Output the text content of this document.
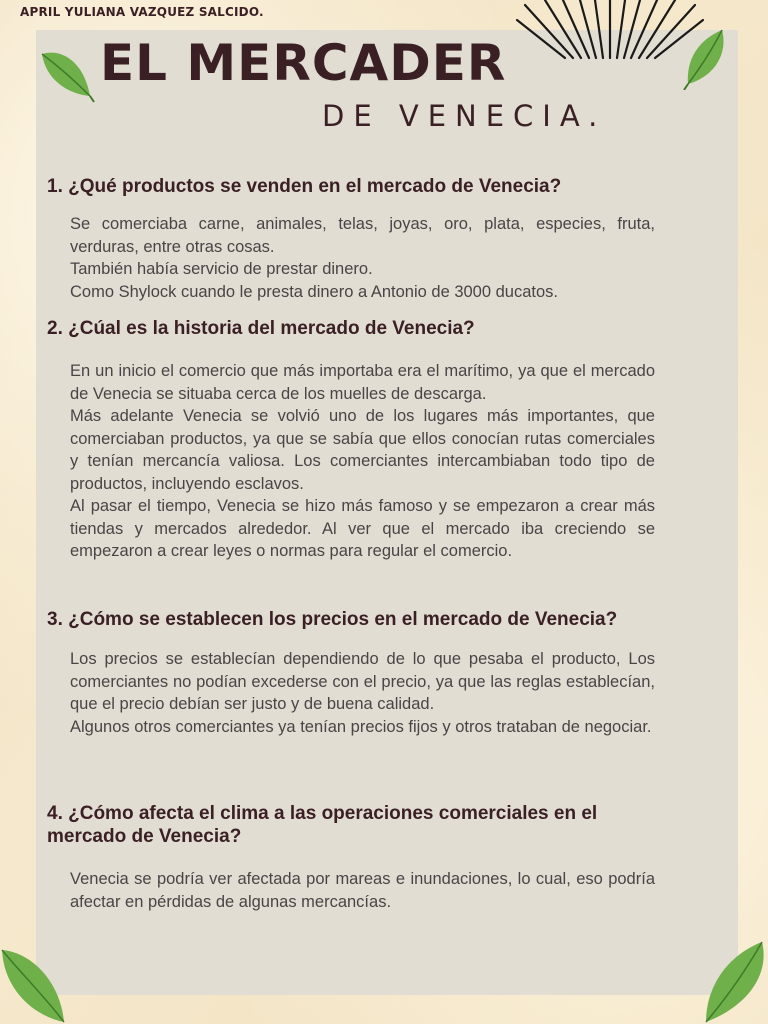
APRIL YULIANA VAZQUEZ SALCIDO.
EL MERCADER
DE VENECIA.
1. ¿Qué productos se venden en el mercado de Venecia?

Se comerciaba carne, animales, telas, joyas, oro, plata, especies, fruta, verduras, entre otras cosas.

También había servicio de prestar dinero.

Como Shylock cuando le presta dinero a Antonio de 3000 ducatos.

2. ¿Cúal es la historia del mercado de Venecia?

En un inicio el comercio que más importaba era el marítimo, ya que el mercado de Venecia se situaba cerca de los muelles de descarga.

Más adelante Venecia se volvió uno de los lugares más importantes, que comerciaban productos, ya que se sabía que ellos conocían rutas comerciales y tenían mercancía valiosa. Los comerciantes intercambiaban todo tipo de productos, incluyendo esclavos.

Al pasar el tiempo, Venecia se hizo más famoso y se empezaron a crear más tiendas y mercados alrededor. Al ver que el mercado iba creciendo se empezaron a crear leyes o normas para regular el comercio.

3. ¿Cómo se establecen los precios en el mercado de Venecia?

Los precios se establecían dependiendo de lo que pesaba el producto, Los comerciantes no podían excederse con el precio, ya que las reglas establecían, que el precio debían ser justo y de buena calidad.

Algunos otros comerciantes ya tenían precios fijos y otros trataban de negociar.

4. ¿Cómo afecta el clima a las operaciones comerciales en el mercado de Venecia?

Venecia se podría ver afectada por mareas e inundaciones, lo cual, eso podría afectar en pérdidas de algunas mercancías.
